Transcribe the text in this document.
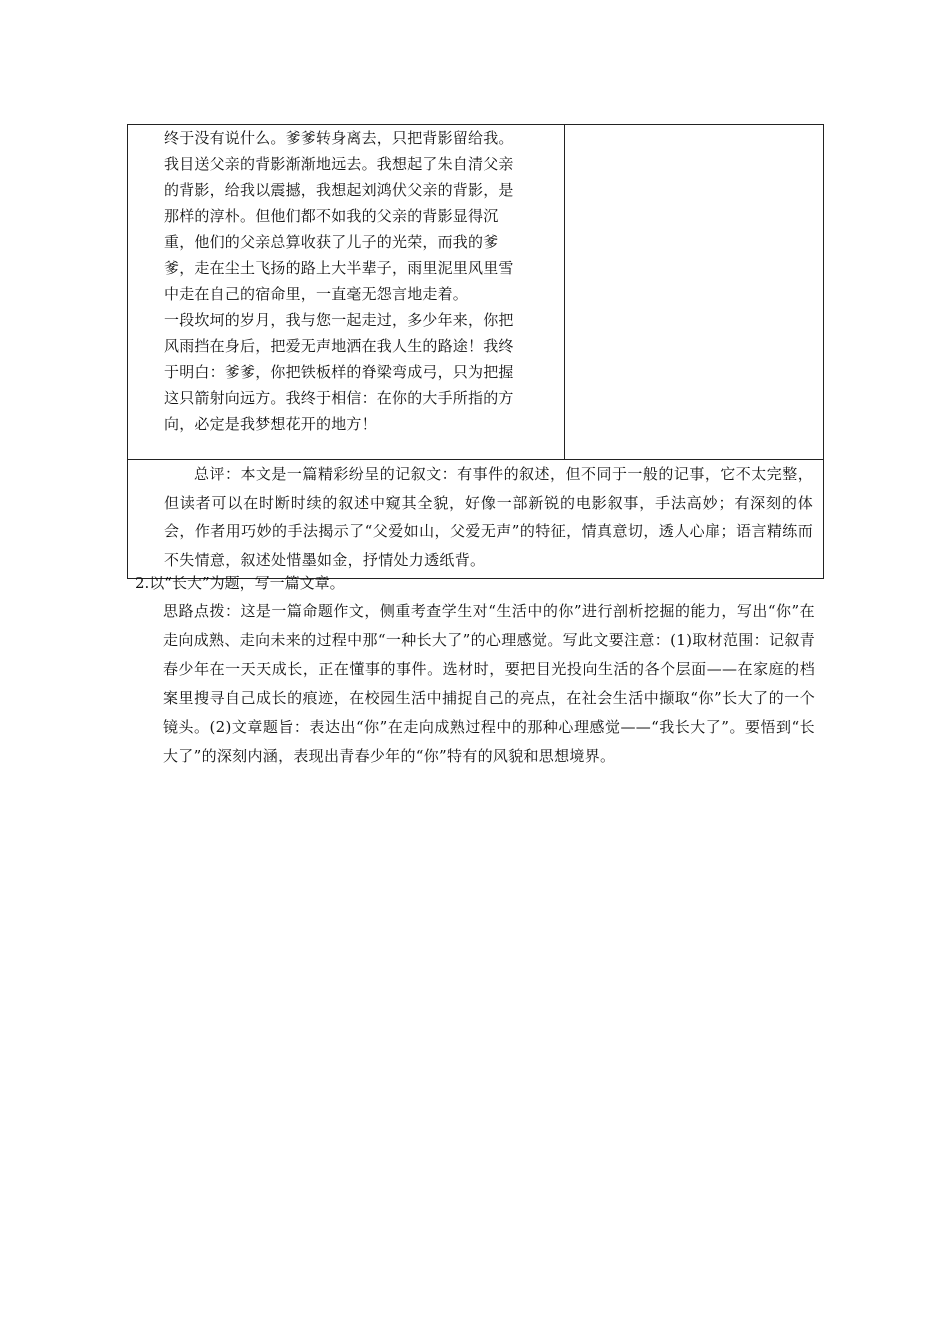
终于没有说什么。爹爹转身离去，只把背影留给我。
我目送父亲的背影渐渐地远去。我想起了朱自清父亲
的背影，给我以震撼，我想起刘鸿伏父亲的背影，是
那样的淳朴。但他们都不如我的父亲的背影显得沉
重，他们的父亲总算收获了儿子的光荣，而我的爹
爹，走在尘土飞扬的路上大半辈子，雨里泥里风里雪
中走在自己的宿命里，一直毫无怨言地走着。
一段坎坷的岁月，我与您一起走过，多少年来，你把
风雨挡在身后，把爱无声地洒在我人生的路途！我终
于明白：爹爹，你把铁板样的脊梁弯成弓，只为把握
这只箭射向远方。我终于相信：在你的大手所指的方
向，必定是我梦想花开的地方！

总评：本文是一篇精彩纷呈的记叙文：有事件的叙述，但不同于一般的记事，它不太完整，但读者可以在时断时续的叙述中窥其全貌，好像一部新锐的电影叙事，手法高妙；有深刻的体会，作者用巧妙的手法揭示了“父爱如山，父爱无声”的特征，情真意切，透人心扉；语言精练而不失情意，叙述处惜墨如金，抒情处力透纸背。

2.以“长大”为题，写一篇文章。

思路点拨：这是一篇命题作文，侧重考查学生对“生活中的你”进行剖析挖掘的能力，写出“你”在走向成熟、走向未来的过程中那“一种长大了”的心理感觉。写此文要注意：(1)取材范围：记叙青春少年在一天天成长，正在懂事的事件。选材时，要把目光投向生活的各个层面——在家庭的档案里搜寻自己成长的痕迹，在校园生活中捕捉自己的亮点，在社会生活中撷取“你”长大了的一个镜头。(2)文章题旨：表达出“你”在走向成熟过程中的那种心理感觉——“我长大了”。要悟到“长大了”的深刻内涵，表现出青春少年的“你”特有的风貌和思想境界。
